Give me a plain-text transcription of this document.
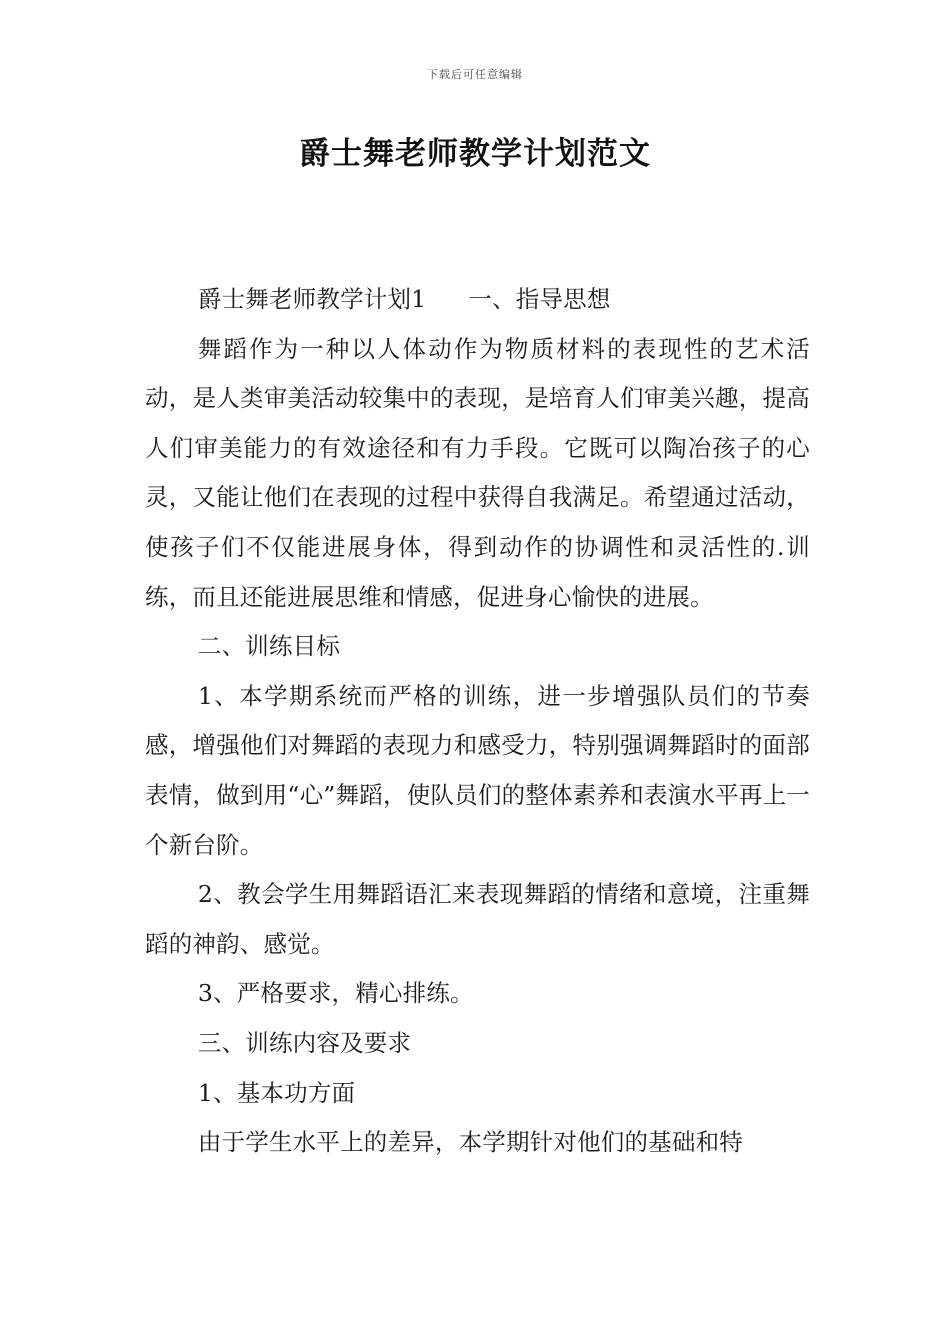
下载后可任意编辑
爵士舞老师教学计划范文

爵士舞老师教学计划1 一、指导思想

舞蹈作为一种以人体动作为物质材料的表现性的艺术活动，是人类审美活动较集中的表现，是培育人们审美兴趣，提高人们审美能力的有效途径和有力手段。它既可以陶冶孩子的心灵，又能让他们在表现的过程中获得自我满足。希望通过活动，使孩子们不仅能进展身体，得到动作的协调性和灵活性的.训练，而且还能进展思维和情感，促进身心愉快的进展。

二、训练目标

1、本学期系统而严格的训练，进一步增强队员们的节奏感，增强他们对舞蹈的表现力和感受力，特别强调舞蹈时的面部表情，做到用“心”舞蹈，使队员们的整体素养和表演水平再上一个新台阶。

2、教会学生用舞蹈语汇来表现舞蹈的情绪和意境，注重舞蹈的神韵、感觉。

3、严格要求，精心排练。

三、训练内容及要求

1、基本功方面

由于学生水平上的差异，本学期针对他们的基础和特
